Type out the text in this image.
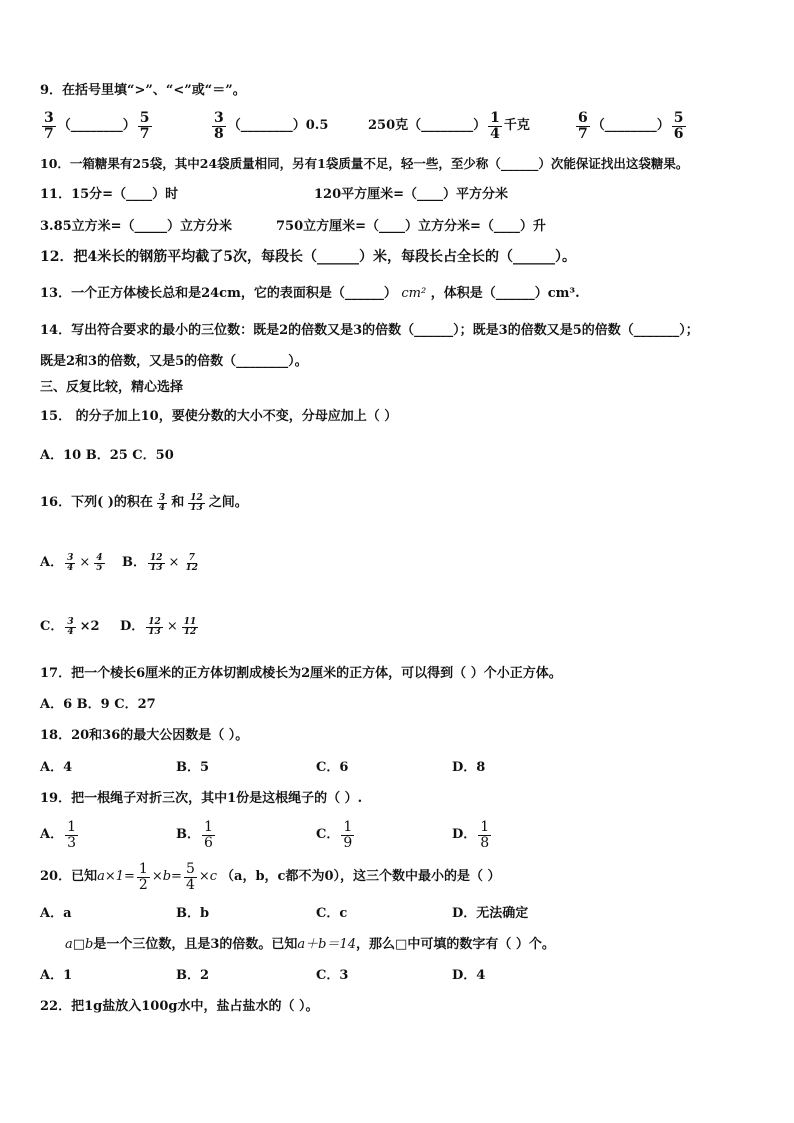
9．在括号里填“>”、“<”或“＝”。
$\frac{3}{7}$ （________） $\frac{5}{7}$	$\frac{3}{8}$ （________） 0.5	250克 （________） $\frac{1}{4}$ 千克	$\frac{6}{7}$ （________） $\frac{5}{6}$
10．一箱糖果有25袋，其中24袋质量相同，另有1袋质量不足，轻一些，至少称（______）次能保证找出这袋糖果。
11．15分=（____）时	120平方厘米=（____）平方分米
3.85立方米=（_____）立方分米	750立方厘米=（____）立方分米=（____）升
12．把4米长的钢筋平均截了5次，每段长（______）米，每段长占全长的（______）。
13．一个正方体棱长总和是24cm，它的表面积是（______） cm² ，体积是（______）cm³.
14．写出符合要求的最小的三位数：既是2的倍数又是3的倍数（______）；既是3的倍数又是5的倍数（_______）；
既是2和3的倍数，又是5的倍数（________）。
三、反复比较，精心选择
15． 的分子加上10，要使分数的大小不变，分母应加上（ ）
A．10 B．25 C．50
16．下列( )的积在 $\frac{3}{4}$ 和 $\frac{12}{13}$ 之间。
A． $\frac{3}{4} \times \frac{4}{5}$ B． $\frac{12}{13} \times \frac{7}{12}$
C． $\frac{3}{4} \times 2$ D． $\frac{12}{13} \times \frac{11}{12}$
17．把一个棱长6厘米的正方体切割成棱长为2厘米的正方体，可以得到（ ）个小正方体。
A．6 B．9 C．27
18．20和36的最大公因数是（ ）。
A．4	B．5	C．6	D．8
19．把一根绳子对折三次，其中1份是这根绳子的（ ）.
A． $\frac{1}{3}$	B． $\frac{1}{6}$	C． $\frac{1}{9}$	D． $\frac{1}{8}$
20．已知 $a\times 1= \frac{1}{2} \times b= \frac{5}{4} \times c$ （a，b，c都不为0），这三个数中最小的是（ ）
A．a	B．b	C．c	D．无法确定
a□b是一个三位数，且是3的倍数。已知a＋b＝14，那么□中可填的数字有（ ）个。
A．1	B．2	C．3	D．4
22．把1g盐放入100g水中，盐占盐水的（ ）。
